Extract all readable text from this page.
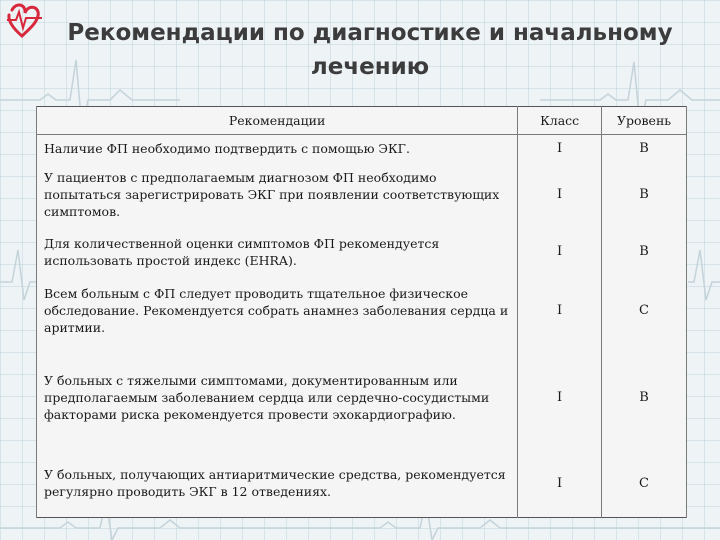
Рекомендации по диагностике и начальному лечению
Рекомендации	Класс	Уровень
Наличие ФП необходимо подтвердить с помощью ЭКГ.	I	B
У пациентов с предполагаемым диагнозом ФП необходимо попытаться зарегистрировать ЭКГ при появлении соответствующих симптомов.	I	B
Для количественной оценки симптомов ФП рекомендуется использовать простой индекс (EHRA).	I	B
Всем больным с ФП следует проводить тщательное физическое обследование. Рекомендуется собрать анамнез заболевания сердца и аритмии.	I	C
У больных с тяжелыми симптомами, документированным или предполагаемым заболеванием сердца или сердечно-сосудистыми факторами риска рекомендуется провести эхокардиографию.	I	B
У больных, получающих антиаритмические средства, рекомендуется регулярно проводить ЭКГ в 12 отведениях.	I	C
